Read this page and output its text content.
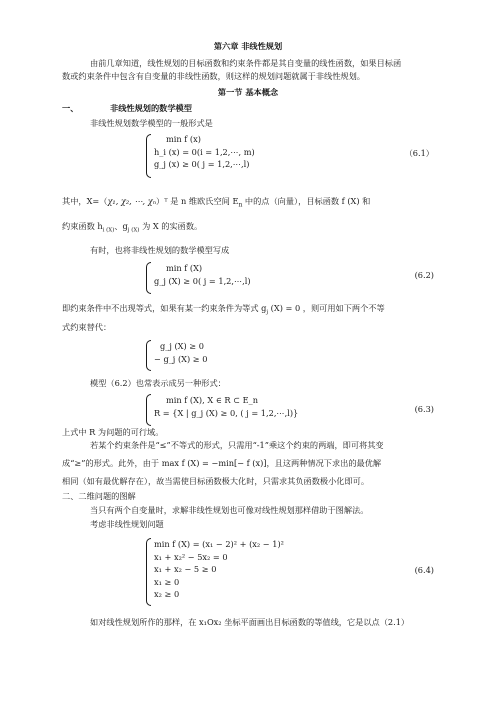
第六章 非线性规划
由前几章知道，线性规划的目标函数和约束条件都是其自变量的线性函数，如果目标函
数或约束条件中包含有自变量的非线性函数，则这样的规划问题就属于非线性规划。
第一节 基本概念
一、	非线性规划的数学模型
非线性规划数学模型的一般形式是
min f (x)
h_i (x) = 0(i = 1,2,⋯, m)
g_j (x) ≥ 0( j = 1,2,⋯,l)
（6.1）
其中，X=（χ₁, χ₂, ⋯, χₙ）ᵀ 是 n 维欧氏空间 $E_n$ 中的点（向量），目标函数 f (X) 和
约束函数 $h_{i (X)}$、$g_{j (X)}$ 为 X 的实函数。
有时，也将非线性规划的数学模型写成
min f (X)
g_j (X) ≥ 0( j = 1,2,⋯,l)
(6.2)
即约束条件中不出现等式，如果有某一约束条件为等式 $g_j$ (X) = 0 ，则可用如下两个不等
式约束替代：
g_j (X) ≥ 0
− g_j (X) ≥ 0
模型（6.2）也常表示成另一种形式：
min f (X), X ∈ R ⊂ E_n
R = {X | g_j (X) ≥ 0, ( j = 1,2,⋯,l)}	(6.3)
上式中 R 为问题的可行域。
若某个约束条件是“≤”不等式的形式，只需用“-1”乘这个约束的两端，即可将其变
成“≥”的形式。此外，由于 max f (X) = −min[− f (x)]，且这两种情况下求出的最优解
相同（如有最优解存在），故当需使目标函数极大化时，只需求其负函数极小化即可。
二、二维问题的图解
当只有两个自变量时，求解非线性规划也可像对线性规划那样借助于图解法。
考虑非线性规划问题
min f (X) = (x₁ − 2)² + (x₂ − 1)²
x₁ + x₂² − 5x₂ = 0
x₁ + x₂ − 5 ≥ 0
x₁ ≥ 0
x₂ ≥ 0
(6.4)
如对线性规划所作的那样，在 x₁Ox₂ 坐标平面画出目标函数的等值线，它是以点（2.1）
